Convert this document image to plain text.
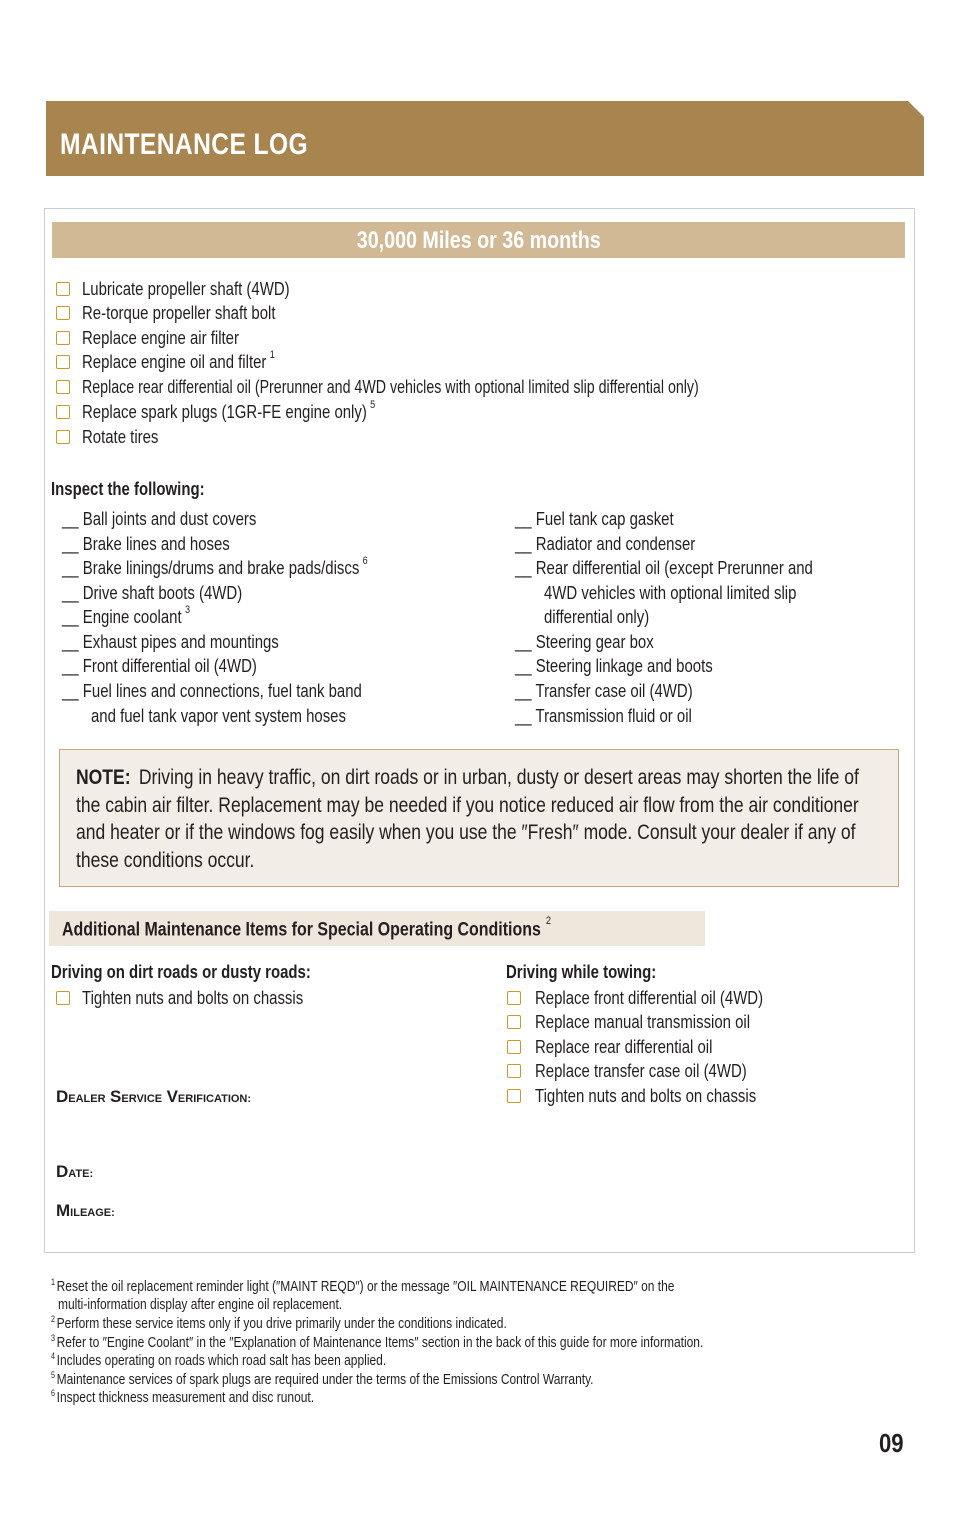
MAINTENANCE LOG
30,000 Miles or 36 months
Lubricate propeller shaft (4WD)
Re-torque propeller shaft bolt
Replace engine air filter
Replace engine oil and filter $^1$
Replace rear differential oil (Prerunner and 4WD vehicles with optional limited slip differential only)
Replace spark plugs (1GR-FE engine only) $^5$
Rotate tires
Inspect the following:
__ Ball joints and dust covers
__ Brake lines and hoses
__ Brake linings/drums and brake pads/discs $^6$
__ Drive shaft boots (4WD)
__ Engine coolant $^3$
__ Exhaust pipes and mountings
__ Front differential oil (4WD)
__ Fuel lines and connections, fuel tank band
and fuel tank vapor vent system hoses
__ Fuel tank cap gasket
__ Radiator and condenser
__ Rear differential oil (except Prerunner and
4WD vehicles with optional limited slip
differential only)
__ Steering gear box
__ Steering linkage and boots
__ Transfer case oil (4WD)
__ Transmission fluid or oil
NOTE: Driving in heavy traffic, on dirt roads or in urban, dusty or desert areas may shorten the life of the cabin air filter. Replacement may be needed if you notice reduced air flow from the air conditioner and heater or if the windows fog easily when you use the ″Fresh″ mode. Consult your dealer if any of these conditions occur.
Additional Maintenance Items for Special Operating Conditions $^2$
Driving on dirt roads or dusty roads:
Tighten nuts and bolts on chassis
Driving while towing:
Replace front differential oil (4WD)
Replace manual transmission oil
Replace rear differential oil
Replace transfer case oil (4WD)
Tighten nuts and bolts on chassis
DEALER SERVICE VERIFICATION:
DATE:
MILEAGE:
$^1$ Reset the oil replacement reminder light (″MAINT REQD″) or the message ″OIL MAINTENANCE REQUIRED″ on the
multi-information display after engine oil replacement.
$^2$ Perform these service items only if you drive primarily under the conditions indicated.
$^3$ Refer to ″Engine Coolant″ in the ″Explanation of Maintenance Items″ section in the back of this guide for more information.
$^4$ Includes operating on roads which road salt has been applied.
$^5$ Maintenance services of spark plugs are required under the terms of the Emissions Control Warranty.
$^6$ Inspect thickness measurement and disc runout.
09
